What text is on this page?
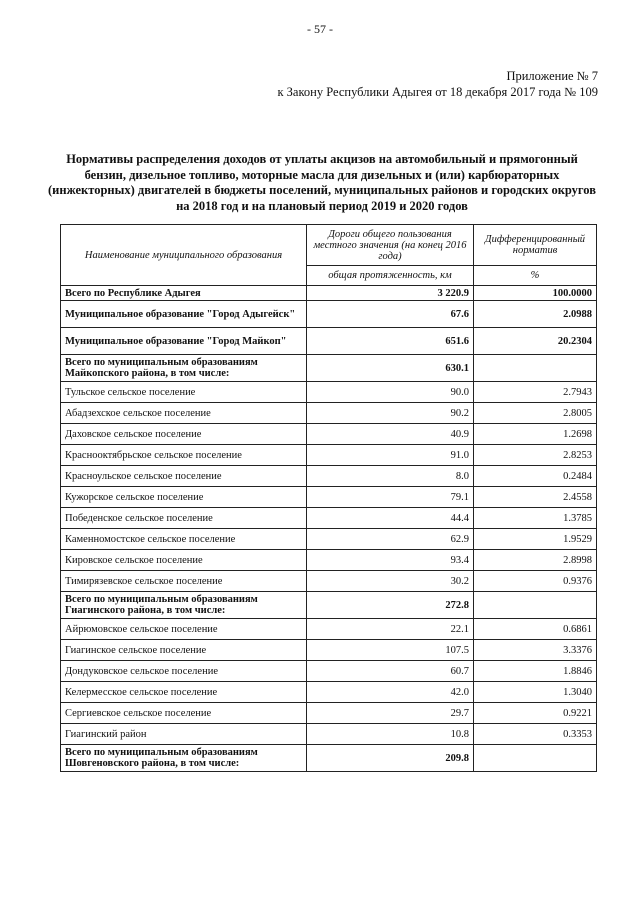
- 57 -
Приложение № 7
к Закону Республики Адыгея от 18 декабря 2017 года № 109
Нормативы распределения доходов от уплаты акцизов на автомобильный и прямогонный бензин, дизельное топливо, моторные масла для дизельных и (или) карбюраторных (инжекторных) двигателей в бюджеты поселений, муниципальных районов и городских округов на 2018 год и на плановый период 2019 и 2020 годов
Наименование муниципального образования	Дороги общего пользования местного значения (на конец 2016 года)	Дифференцированный норматив
	общая протяженность, км	%
Всего по Республике Адыгея	3 220.9	100.0000
Муниципальное образование "Город Адыгейск"	67.6	2.0988
Муниципальное образование "Город Майкоп"	651.6	20.2304
Всего по муниципальным образованиям Майкопского района, в том числе:	630.1	
Тульское сельское поселение	90.0	2.7943
Абадзехское сельское поселение	90.2	2.8005
Даховское сельское поселение	40.9	1.2698
Краснооктябрьское сельское поселение	91.0	2.8253
Красноульское сельское поселение	8.0	0.2484
Кужорское сельское поселение	79.1	2.4558
Победенское сельское поселение	44.4	1.3785
Каменномостское сельское поселение	62.9	1.9529
Кировское сельское поселение	93.4	2.8998
Тимирязевское сельское поселение	30.2	0.9376
Всего по муниципальным образованиям Гиагинского района, в том числе:	272.8	
Айрюмовское сельское поселение	22.1	0.6861
Гиагинское сельское поселение	107.5	3.3376
Дондуковское сельское поселение	60.7	1.8846
Келермесское сельское поселение	42.0	1.3040
Сергиевское сельское поселение	29.7	0.9221
Гиагинский район	10.8	0.3353
Всего по муниципальным образованиям Шовгеновского района, в том числе:	209.8	
